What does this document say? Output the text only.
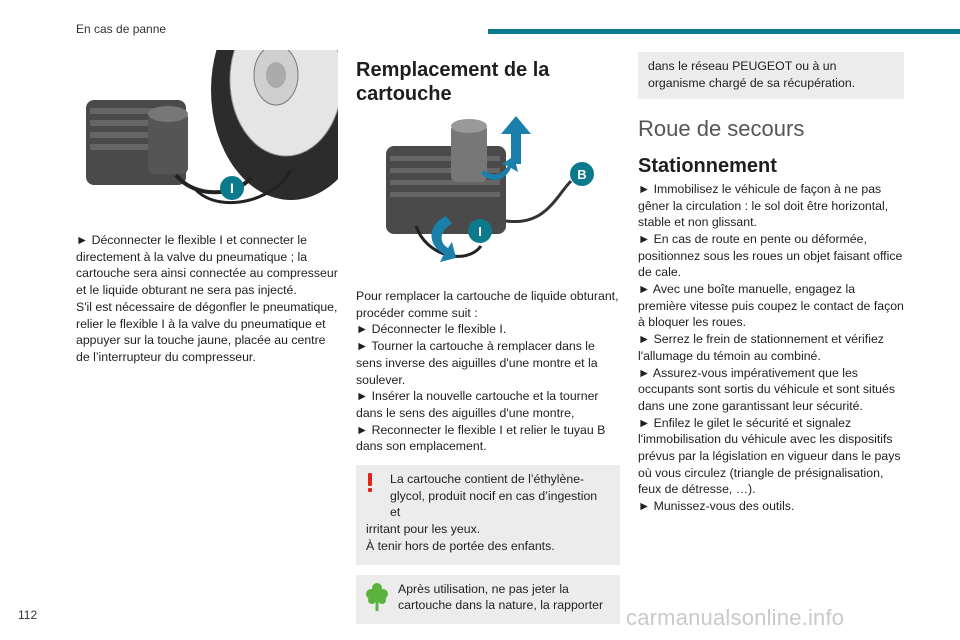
En cas de panne
I

► Déconnecter le flexible I et connecter le directement à la valve du pneumatique ; la cartouche sera ainsi connectée au compresseur et le liquide obturant ne sera pas injecté.

S'il est nécessaire de dégonfler le pneumatique, relier le flexible I à la valve du pneumatique et appuyer sur la touche jaune, placée au centre de l’interrupteur du compresseur.

Remplacement de la cartouche
B
I

Pour remplacer la cartouche de liquide obturant, procéder comme suit :

► Déconnecter le flexible I.

► Tourner la cartouche à remplacer dans le sens inverse des aiguilles d'une montre et la soulever.

► Insérer la nouvelle cartouche et la tourner dans le sens des aiguilles d'une montre,

► Reconnecter le flexible I et relier le tuyau B dans son emplacement.

La cartouche contient de l’éthylène-

glycol, produit nocif en cas d’ingestion et

irritant pour les yeux.

À tenir hors de portée des enfants.

Après utilisation, ne pas jeter la

cartouche dans la nature, la rapporter

dans le réseau PEUGEOT ou à un organisme chargé de sa récupération.

Roue de secours
Stationnement

► Immobilisez le véhicule de façon à ne pas gêner la circulation : le sol doit être horizontal, stable et non glissant.

► En cas de route en pente ou déformée, positionnez sous les roues un objet faisant office de cale.

► Avec une boîte manuelle, engagez la première vitesse puis coupez le contact de façon à bloquer les roues.

► Serrez le frein de stationnement et vérifiez l'allumage du témoin au combiné.

► Assurez-vous impérativement que les occupants sont sortis du véhicule et sont situés dans une zone garantissant leur sécurité.

► Enfilez le gilet le sécurité et signalez l'immobilisation du véhicule avec les dispositifs prévus par la législation en vigueur dans le pays où vous circulez (triangle de présignalisation, feux de détresse, …).

► Munissez-vous des outils.

112	carmanualsonline.info
